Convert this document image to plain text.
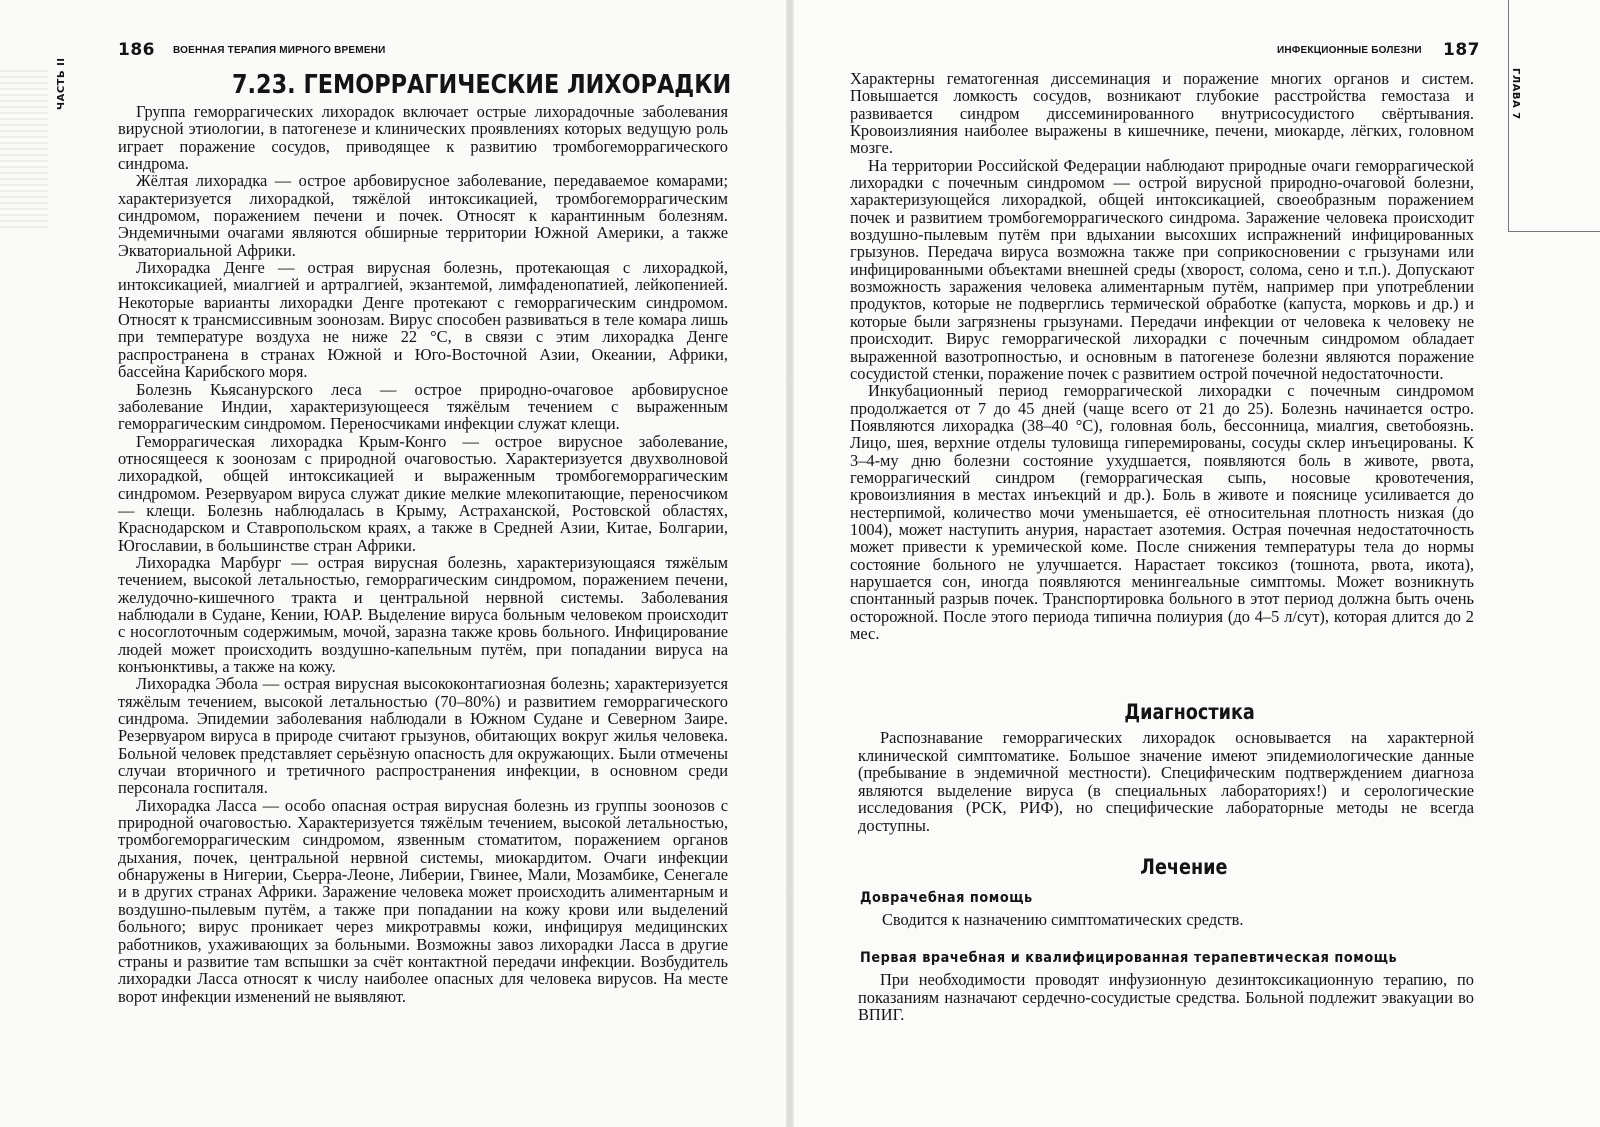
186 ВОЕННАЯ ТЕРАПИЯ МИРНОГО ВРЕМЕНИ
ЧАСТЬ II	7.23. ГЕМОРРАГИЧЕСКИЕ ЛИХОРАДКИ

Группа геморрагических лихорадок включает острые лихорадочные заболевания вирусной этиологии, в патогенезе и клинических проявлениях которых ведущую роль играет поражение сосудов, приводящее к развитию тромбогеморрагического синдрома.

Жёлтая лихорадка — острое арбовирусное заболевание, передаваемое комарами; характеризуется лихорадкой, тяжёлой интоксикацией, тромбогеморрагическим синдромом, поражением печени и почек. Относят к карантинным болезням. Эндемичными очагами являются обширные территории Южной Америки, а также Экваториальной Африки.

Лихорадка Денге — острая вирусная болезнь, протекающая с лихорадкой, интоксикацией, миалгией и артралгией, экзантемой, лимфаденопатией, лейкопенией. Некоторые варианты лихорадки Денге протекают с геморрагическим синдромом. Относят к трансмиссивным зоонозам. Вирус способен развиваться в теле комара лишь при температуре воздуха не ниже 22 °С, в связи с этим лихорадка Денге распространена в странах Южной и Юго-Восточной Азии, Океании, Африки, бассейна Карибского моря.

Болезнь Кьясанурского леса — острое природно-очаговое арбовирусное заболевание Индии, характеризующееся тяжёлым течением с выраженным геморрагическим синдромом. Переносчиками инфекции служат клещи.

Геморрагическая лихорадка Крым-Конго — острое вирусное заболевание, относящееся к зоонозам с природной очаговостью. Характеризуется двухволновой лихорадкой, общей интоксикацией и выраженным тромбогеморрагическим синдромом. Резервуаром вируса служат дикие мелкие млекопитающие, переносчиком — клещи. Болезнь наблюдалась в Крыму, Астраханской, Ростовской областях, Краснодарском и Ставропольском краях, а также в Средней Азии, Китае, Болгарии, Югославии, в большинстве стран Африки.

Лихорадка Марбург — острая вирусная болезнь, характеризующаяся тяжёлым течением, высокой летальностью, геморрагическим синдромом, поражением печени, желудочно-кишечного тракта и центральной нервной системы. Заболевания наблюдали в Судане, Кении, ЮАР. Выделение вируса больным человеком происходит с носоглоточным содержимым, мочой, заразна также кровь больного. Инфицирование людей может происходить воздушно-капельным путём, при попадании вируса на конъюнктивы, а также на кожу.

Лихорадка Эбола — острая вирусная высококонтагиозная болезнь; характеризуется тяжёлым течением, высокой летальностью (70–80%) и развитием геморрагического синдрома. Эпидемии заболевания наблюдали в Южном Судане и Северном Заире. Резервуаром вируса в природе считают грызунов, обитающих вокруг жилья человека. Больной человек представляет серьёзную опасность для окружающих. Были отмечены случаи вторичного и третичного распространения инфекции, в основном среди персонала госпиталя.

Лихорадка Ласса — особо опасная острая вирусная болезнь из группы зоонозов с природной очаговостью. Характеризуется тяжёлым течением, высокой летальностью, тромбогеморрагическим синдромом, язвенным стоматитом, поражением органов дыхания, почек, центральной нервной системы, миокардитом. Очаги инфекции обнаружены в Нигерии, Сьерра-Леоне, Либерии, Гвинее, Мали, Мозамбике, Сенегале и в других странах Африки. Заражение человека может происходить алиментарным и воздушно-пылевым путём, а также при попадании на кожу крови или выделений больного; вирус проникает через микротравмы кожи, инфицируя медицинских работников, ухаживающих за больными. Возможны завоз лихорадки Ласса в другие страны и развитие там вспышки за счёт контактной передачи инфекции. Возбудитель лихорадки Ласса относят к числу наиболее опасных для человека вирусов. На месте ворот инфекции изменений не выявляют.

ИНФЕКЦИОННЫЕ БОЛЕЗНИ 187
ГЛАВА 7

Характерны гематогенная диссеминация и поражение многих органов и систем. Повышается ломкость сосудов, возникают глубокие расстройства гемостаза и развивается синдром диссеминированного внутрисосудистого свёртывания. Кровоизлияния наиболее выражены в кишечнике, печени, миокарде, лёгких, головном мозге.

На территории Российской Федерации наблюдают природные очаги геморрагической лихорадки с почечным синдромом — острой вирусной природно-очаговой болезни, характеризующейся лихорадкой, общей интоксикацией, своеобразным поражением почек и развитием тромбогеморрагического синдрома. Заражение человека происходит воздушно-пылевым путём при вдыхании высохших испражнений инфицированных грызунов. Передача вируса возможна также при соприкосновении с грызунами или инфицированными объектами внешней среды (хворост, солома, сено и т.п.). Допускают возможность заражения человека алиментарным путём, например при употреблении продуктов, которые не подверглись термической обработке (капуста, морковь и др.) и которые были загрязнены грызунами. Передачи инфекции от человека к человеку не происходит. Вирус геморрагической лихорадки с почечным синдромом обладает выраженной вазотропностью, и основным в патогенезе болезни являются поражение сосудистой стенки, поражение почек с развитием острой почечной недостаточности.

Инкубационный период геморрагической лихорадки с почечным синдромом продолжается от 7 до 45 дней (чаще всего от 21 до 25). Болезнь начинается остро. Появляются лихорадка (38–40 °С), головная боль, бессонница, миалгия, светобоязнь. Лицо, шея, верхние отделы туловища гиперемированы, сосуды склер инъецированы. К 3–4-му дню болезни состояние ухудшается, появляются боль в животе, рвота, геморрагический синдром (геморрагическая сыпь, носовые кровотечения, кровоизлияния в местах инъекций и др.). Боль в животе и пояснице усиливается до нестерпимой, количество мочи уменьшается, её относительная плотность низкая (до 1004), может наступить анурия, нарастает азотемия. Острая почечная недостаточность может привести к уремической коме. После снижения температуры тела до нормы состояние больного не улучшается. Нарастает токсикоз (тошнота, рвота, икота), нарушается сон, иногда появляются менингеальные симптомы. Может возникнуть спонтанный разрыв почек. Транспортировка больного в этот период должна быть очень осторожной. После этого периода типична полиурия (до 4–5 л/сут), которая длится до 2 мес.

Диагностика

Распознавание геморрагических лихорадок основывается на характерной клинической симптоматике. Большое значение имеют эпидемиологические данные (пребывание в эндемичной местности). Специфическим подтверждением диагноза являются выделение вируса (в специальных лабораториях!) и серологические исследования (РСК, РИФ), но специфические лабораторные методы не всегда доступны.

Лечение
Доврачебная помощь

Сводится к назначению симптоматических средств.

Первая врачебная и квалифицированная терапевтическая помощь

При необходимости проводят инфузионную дезинтоксикационную терапию, по показаниям назначают сердечно-сосудистые средства. Больной подлежит эвакуации во ВПИГ.
